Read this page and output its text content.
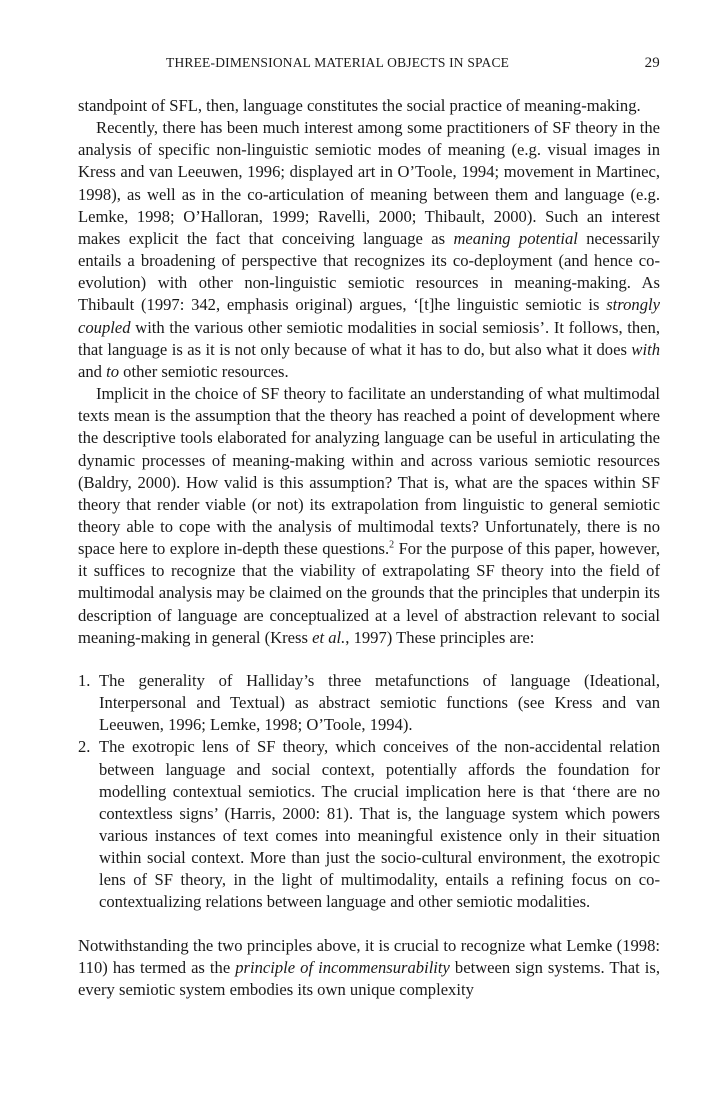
THREE-DIMENSIONAL MATERIAL OBJECTS IN SPACE	29

standpoint of SFL, then, language constitutes the social practice of meaning-making.

Recently, there has been much interest among some practitioners of SF theory in the analysis of specific non-linguistic semiotic modes of meaning (e.g. visual images in Kress and van Leeuwen, 1996; displayed art in O’Toole, 1994; movement in Martinec, 1998), as well as in the co-articulation of meaning between them and language (e.g. Lemke, 1998; O’Halloran, 1999; Ravelli, 2000; Thibault, 2000). Such an interest makes explicit the fact that conceiving language as meaning potential necessarily entails a broadening of perspective that recognizes its co-deployment (and hence co-evolution) with other non-linguistic semiotic resources in meaning-making. As Thibault (1997: 342, emphasis original) argues, ‘[t]he linguistic semiotic is strongly coupled with the various other semiotic modalities in social semiosis’. It follows, then, that language is as it is not only because of what it has to do, but also what it does with and to other semiotic resources.

Implicit in the choice of SF theory to facilitate an understanding of what multimodal texts mean is the assumption that the theory has reached a point of development where the descriptive tools elaborated for analyzing language can be useful in articulating the dynamic processes of meaning-making within and across various semiotic resources (Baldry, 2000). How valid is this assumption? That is, what are the spaces within SF theory that render viable (or not) its extrapolation from linguistic to general semiotic theory able to cope with the analysis of multimodal texts? Unfortunately, there is no space here to explore in-depth these questions.$^2$ For the purpose of this paper, however, it suffices to recognize that the viability of extrapolating SF theory into the field of multimodal analysis may be claimed on the grounds that the principles that underpin its description of language are conceptualized at a level of abstraction relevant to social meaning-making in general (Kress et al., 1997) These principles are:

1. The generality of Halliday’s three metafunctions of language (Ideational, Interpersonal and Textual) as abstract semiotic functions (see Kress and van Leeuwen, 1996; Lemke, 1998; O’Toole, 1994).
2. The exotropic lens of SF theory, which conceives of the non-accidental relation between language and social context, potentially affords the foundation for modelling contextual semiotics. The crucial implication here is that ‘there are no contextless signs’ (Harris, 2000: 81). That is, the language system which powers various instances of text comes into meaningful existence only in their situation within social context. More than just the socio-cultural environment, the exotropic lens of SF theory, in the light of multimodality, entails a refining focus on co-contextualizing relations between language and other semiotic modalities.

Notwithstanding the two principles above, it is crucial to recognize what Lemke (1998: 110) has termed as the principle of incommensurability between sign systems. That is, every semiotic system embodies its own unique complexity
